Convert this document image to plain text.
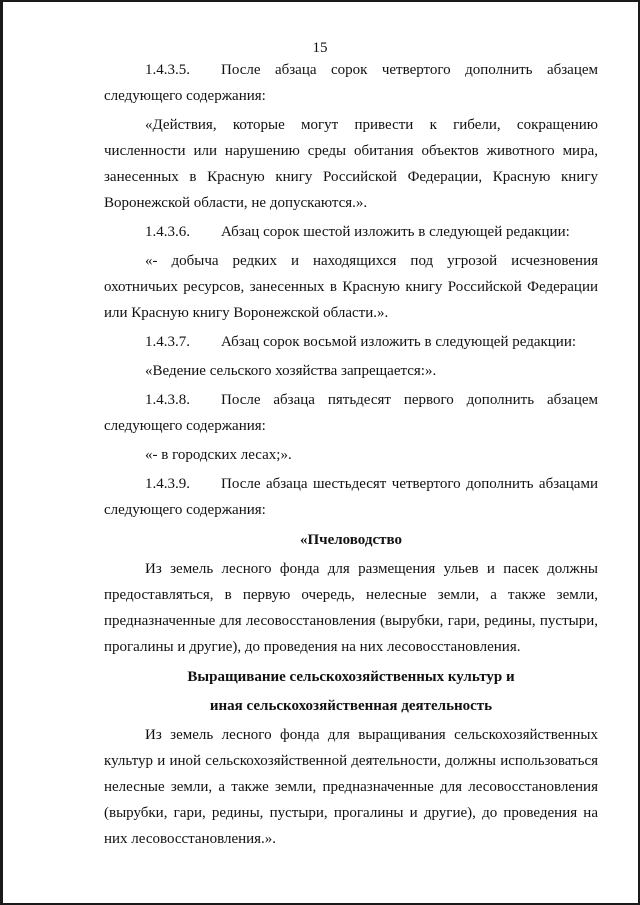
15

1.4.3.5. После абзаца сорок четвертого дополнить абзацем следующего содержания:

«Действия, которые могут привести к гибели, сокращению численности или нарушению среды обитания объектов животного мира, занесенных в Красную книгу Российской Федерации, Красную книгу Воронежской области, не допускаются.».

1.4.3.6. Абзац сорок шестой изложить в следующей редакции:

«- добыча редких и находящихся под угрозой исчезновения охотничьих ресурсов, занесенных в Красную книгу Российской Федерации или Красную книгу Воронежской области.».

1.4.3.7. Абзац сорок восьмой изложить в следующей редакции:

«Ведение сельского хозяйства запрещается:».

1.4.3.8. После абзаца пятьдесят первого дополнить абзацем следующего содержания:

«- в городских лесах;».

1.4.3.9. После абзаца шестьдесят четвертого дополнить абзацами следующего содержания:

«Пчеловодство

Из земель лесного фонда для размещения ульев и пасек должны предоставляться, в первую очередь, нелесные земли, а также земли, предназначенные для лесовосстановления (вырубки, гари, редины, пустыри, прогалины и другие), до проведения на них лесовосстановления.

Выращивание сельскохозяйственных культур и

иная сельскохозяйственная деятельность

Из земель лесного фонда для выращивания сельскохозяйственных культур и иной сельскохозяйственной деятельности, должны использоваться нелесные земли, а также земли, предназначенные для лесовосстановления (вырубки, гари, редины, пустыри, прогалины и другие), до проведения на них лесовосстановления.».
